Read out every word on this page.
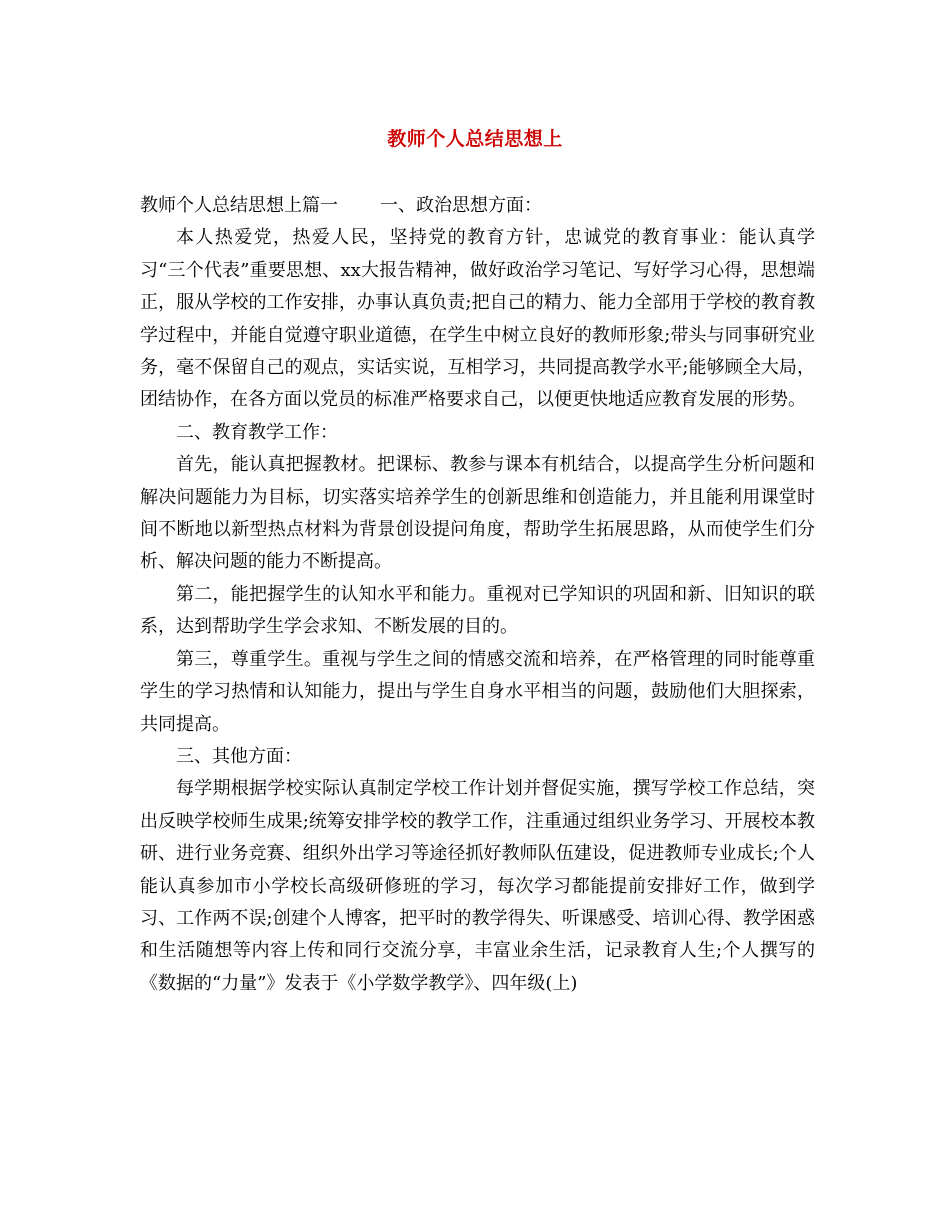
教师个人总结思想上

教师个人总结思想上篇一 一、政治思想方面：

本人热爱党，热爱人民，坚持党的教育方针，忠诚党的教育事业：能认真学习“三个代表”重要思想、xx大报告精神，做好政治学习笔记、写好学习心得，思想端正，服从学校的工作安排，办事认真负责;把自己的精力、能力全部用于学校的教育教学过程中，并能自觉遵守职业道德，在学生中树立良好的教师形象;带头与同事研究业务，毫不保留自己的观点，实话实说，互相学习，共同提高教学水平;能够顾全大局，团结协作，在各方面以党员的标准严格要求自己，以便更快地适应教育发展的形势。

二、教育教学工作：

首先，能认真把握教材。把课标、教参与课本有机结合，以提高学生分析问题和解决问题能力为目标，切实落实培养学生的创新思维和创造能力，并且能利用课堂时间不断地以新型热点材料为背景创设提问角度，帮助学生拓展思路，从而使学生们分析、解决问题的能力不断提高。

第二，能把握学生的认知水平和能力。重视对已学知识的巩固和新、旧知识的联系，达到帮助学生学会求知、不断发展的目的。

第三，尊重学生。重视与学生之间的情感交流和培养，在严格管理的同时能尊重学生的学习热情和认知能力，提出与学生自身水平相当的问题，鼓励他们大胆探索，共同提高。

三、其他方面：

每学期根据学校实际认真制定学校工作计划并督促实施，撰写学校工作总结，突出反映学校师生成果;统筹安排学校的教学工作，注重通过组织业务学习、开展校本教研、进行业务竞赛、组织外出学习等途径抓好教师队伍建设，促进教师专业成长;个人能认真参加市小学校长高级研修班的学习，每次学习都能提前安排好工作，做到学习、工作两不误;创建个人博客，把平时的教学得失、听课感受、培训心得、教学困惑和生活随想等内容上传和同行交流分享，丰富业余生活，记录教育人生;个人撰写的《数据的“力量”》发表于《小学数学教学》、四年级(上)
